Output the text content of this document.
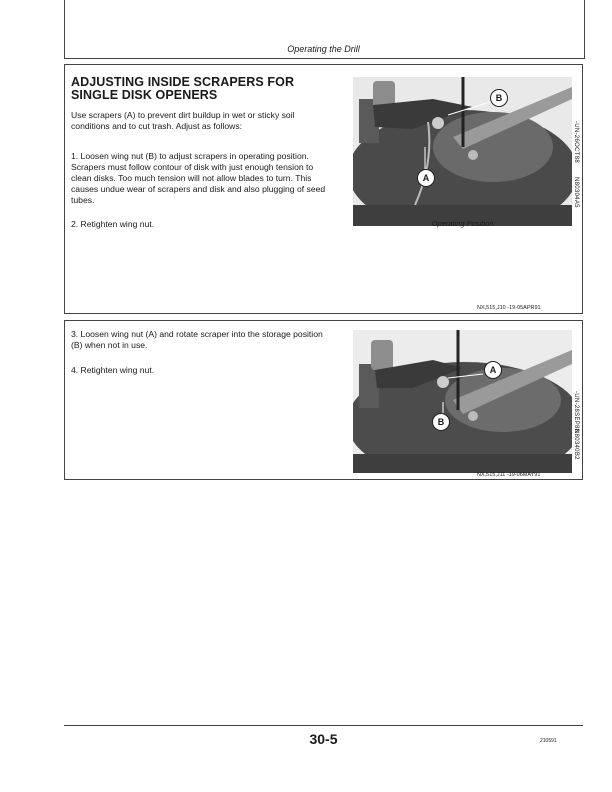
Operating the Drill
ADJUSTING INSIDE SCRAPERS FOR SINGLE DISK OPENERS
Use scrapers (A) to prevent dirt buildup in wet or sticky soil conditions and to cut trash. Adjust as follows:
1. Loosen wing nut (B) to adjust scrapers in operating position. Scrapers must follow contour of disk with just enough tension to clean disks. Too much tension will not allow blades to turn. This causes undue wear of scrapers and disk and also plugging of seed tubes.
2. Retighten wing nut.
B
A
Operating Position
-UN-26OCT88
N80304A5
NX,515,J10 -19-05APR91
3. Loosen wing nut (A) and rotate scraper into the storage position (B) when not in use.
4. Retighten wing nut.	A
B	-UN-28SEP88
N80340B2
NX,515,J11 -19-06MAY91
30-5	210591
